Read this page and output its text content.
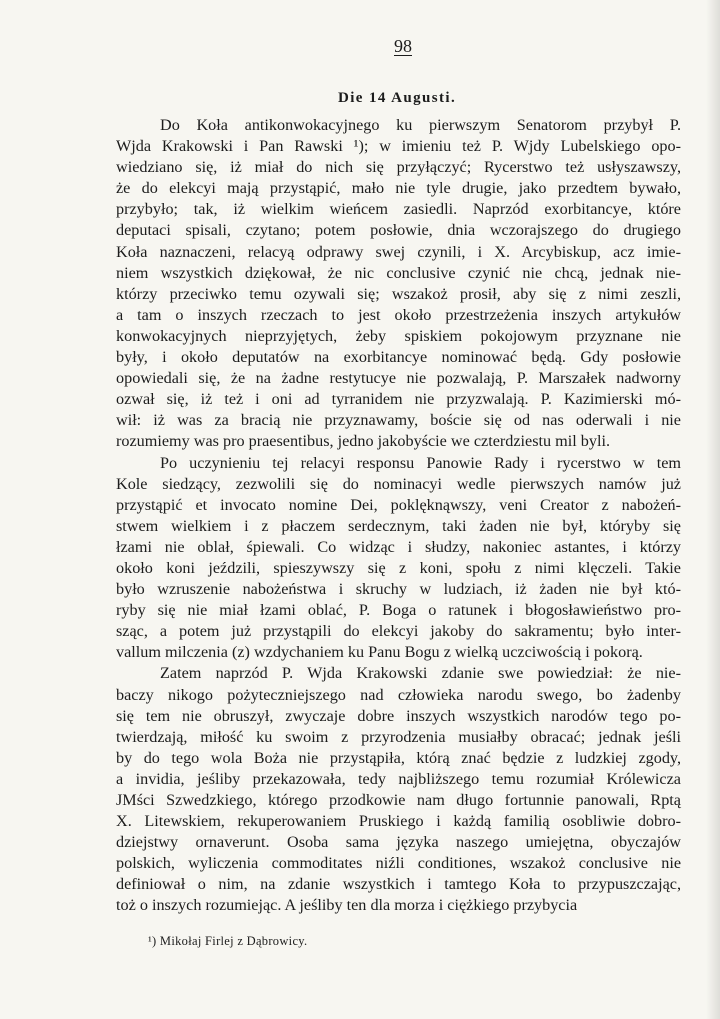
98
Die 14 Augusti.
Do Koła antikonwokacyjnego ku pierwszym Senatorom przybył P.
Wjda Krakowski i Pan Rawski ¹); w imieniu też P. Wjdy Lubelskiego opo-
wiedziano się, iż miał do nich się przyłączyć; Rycerstwo też usłyszawszy,
że do elekcyi mają przystąpić, mało nie tyle drugie, jako przedtem bywało,
przybyło; tak, iż wielkim wieńcem zasiedli. Naprzód exorbitancye, które
deputaci spisali, czytano; potem posłowie, dnia wczorajszego do drugiego
Koła naznaczeni, relacyą odprawy swej czynili, i X. Arcybiskup, acz imie-
niem wszystkich dziękował, że nic conclusive czynić nie chcą, jednak nie-
którzy przeciwko temu ozywali się; wszakoż prosił, aby się z nimi zeszli,
a tam o inszych rzeczach to jest około przestrzeżenia inszych artykułów
konwokacyjnych nieprzyjętych, żeby spiskiem pokojowym przyznane nie
były, i około deputatów na exorbitancye nominować będą. Gdy posłowie
opowiedali się, że na żadne restytucye nie pozwalają, P. Marszałek nadworny
ozwał się, iż też i oni ad tyrranidem nie przyzwalają. P. Kazimierski mó-
wił: iż was za bracią nie przyznawamy, boście się od nas oderwali i nie
rozumiemy was pro praesentibus, jedno jakobyście we czterdziestu mil byli.
Po uczynieniu tej relacyi responsu Panowie Rady i rycerstwo w tem
Kole siedzący, zezwolili się do nominacyi wedle pierwszych namów już
przystąpić et invocato nomine Dei, poklęknąwszy, veni Creator z nabożeń-
stwem wielkiem i z płaczem serdecznym, taki żaden nie był, któryby się
łzami nie oblał, śpiewali. Co widząc i słudzy, nakoniec astantes, i którzy
około koni jeździli, spieszywszy się z koni, społu z nimi klęczeli. Takie
było wzruszenie nabożeństwa i skruchy w ludziach, iż żaden nie był któ-
ryby się nie miał łzami oblać, P. Boga o ratunek i błogosławieństwo pro-
sząc, a potem już przystąpili do elekcyi jakoby do sakramentu; było inter-
vallum milczenia (z) wzdychaniem ku Panu Bogu z wielką uczciwością i pokorą.
Zatem naprzód P. Wjda Krakowski zdanie swe powiedział: że nie-
baczy nikogo pożyteczniejszego nad człowieka narodu swego, bo żadenby
się tem nie obruszył, zwyczaje dobre inszych wszystkich narodów tego po-
twierdzają, miłość ku swoim z przyrodzenia musiałby obracać; jednak jeśli
by do tego wola Boża nie przystąpiła, którą znać będzie z ludzkiej zgody,
a invidia, jeśliby przekazowała, tedy najbliższego temu rozumiał Królewicza
JMści Szwedzkiego, którego przodkowie nam długo fortunnie panowali, Rptą
X. Litewskiem, rekuperowaniem Pruskiego i każdą familią osobliwie dobro-
dziejstwy ornaverunt. Osoba sama języka naszego umiejętna, obyczajów
polskich, wyliczenia commoditates niźli conditiones, wszakoż conclusive nie
definiował o nim, na zdanie wszystkich i tamtego Koła to przypuszczając,
toż o inszych rozumiejąc. A jeśliby ten dla morza i ciężkiego przybycia
¹) Mikołaj Firlej z Dąbrowicy.
